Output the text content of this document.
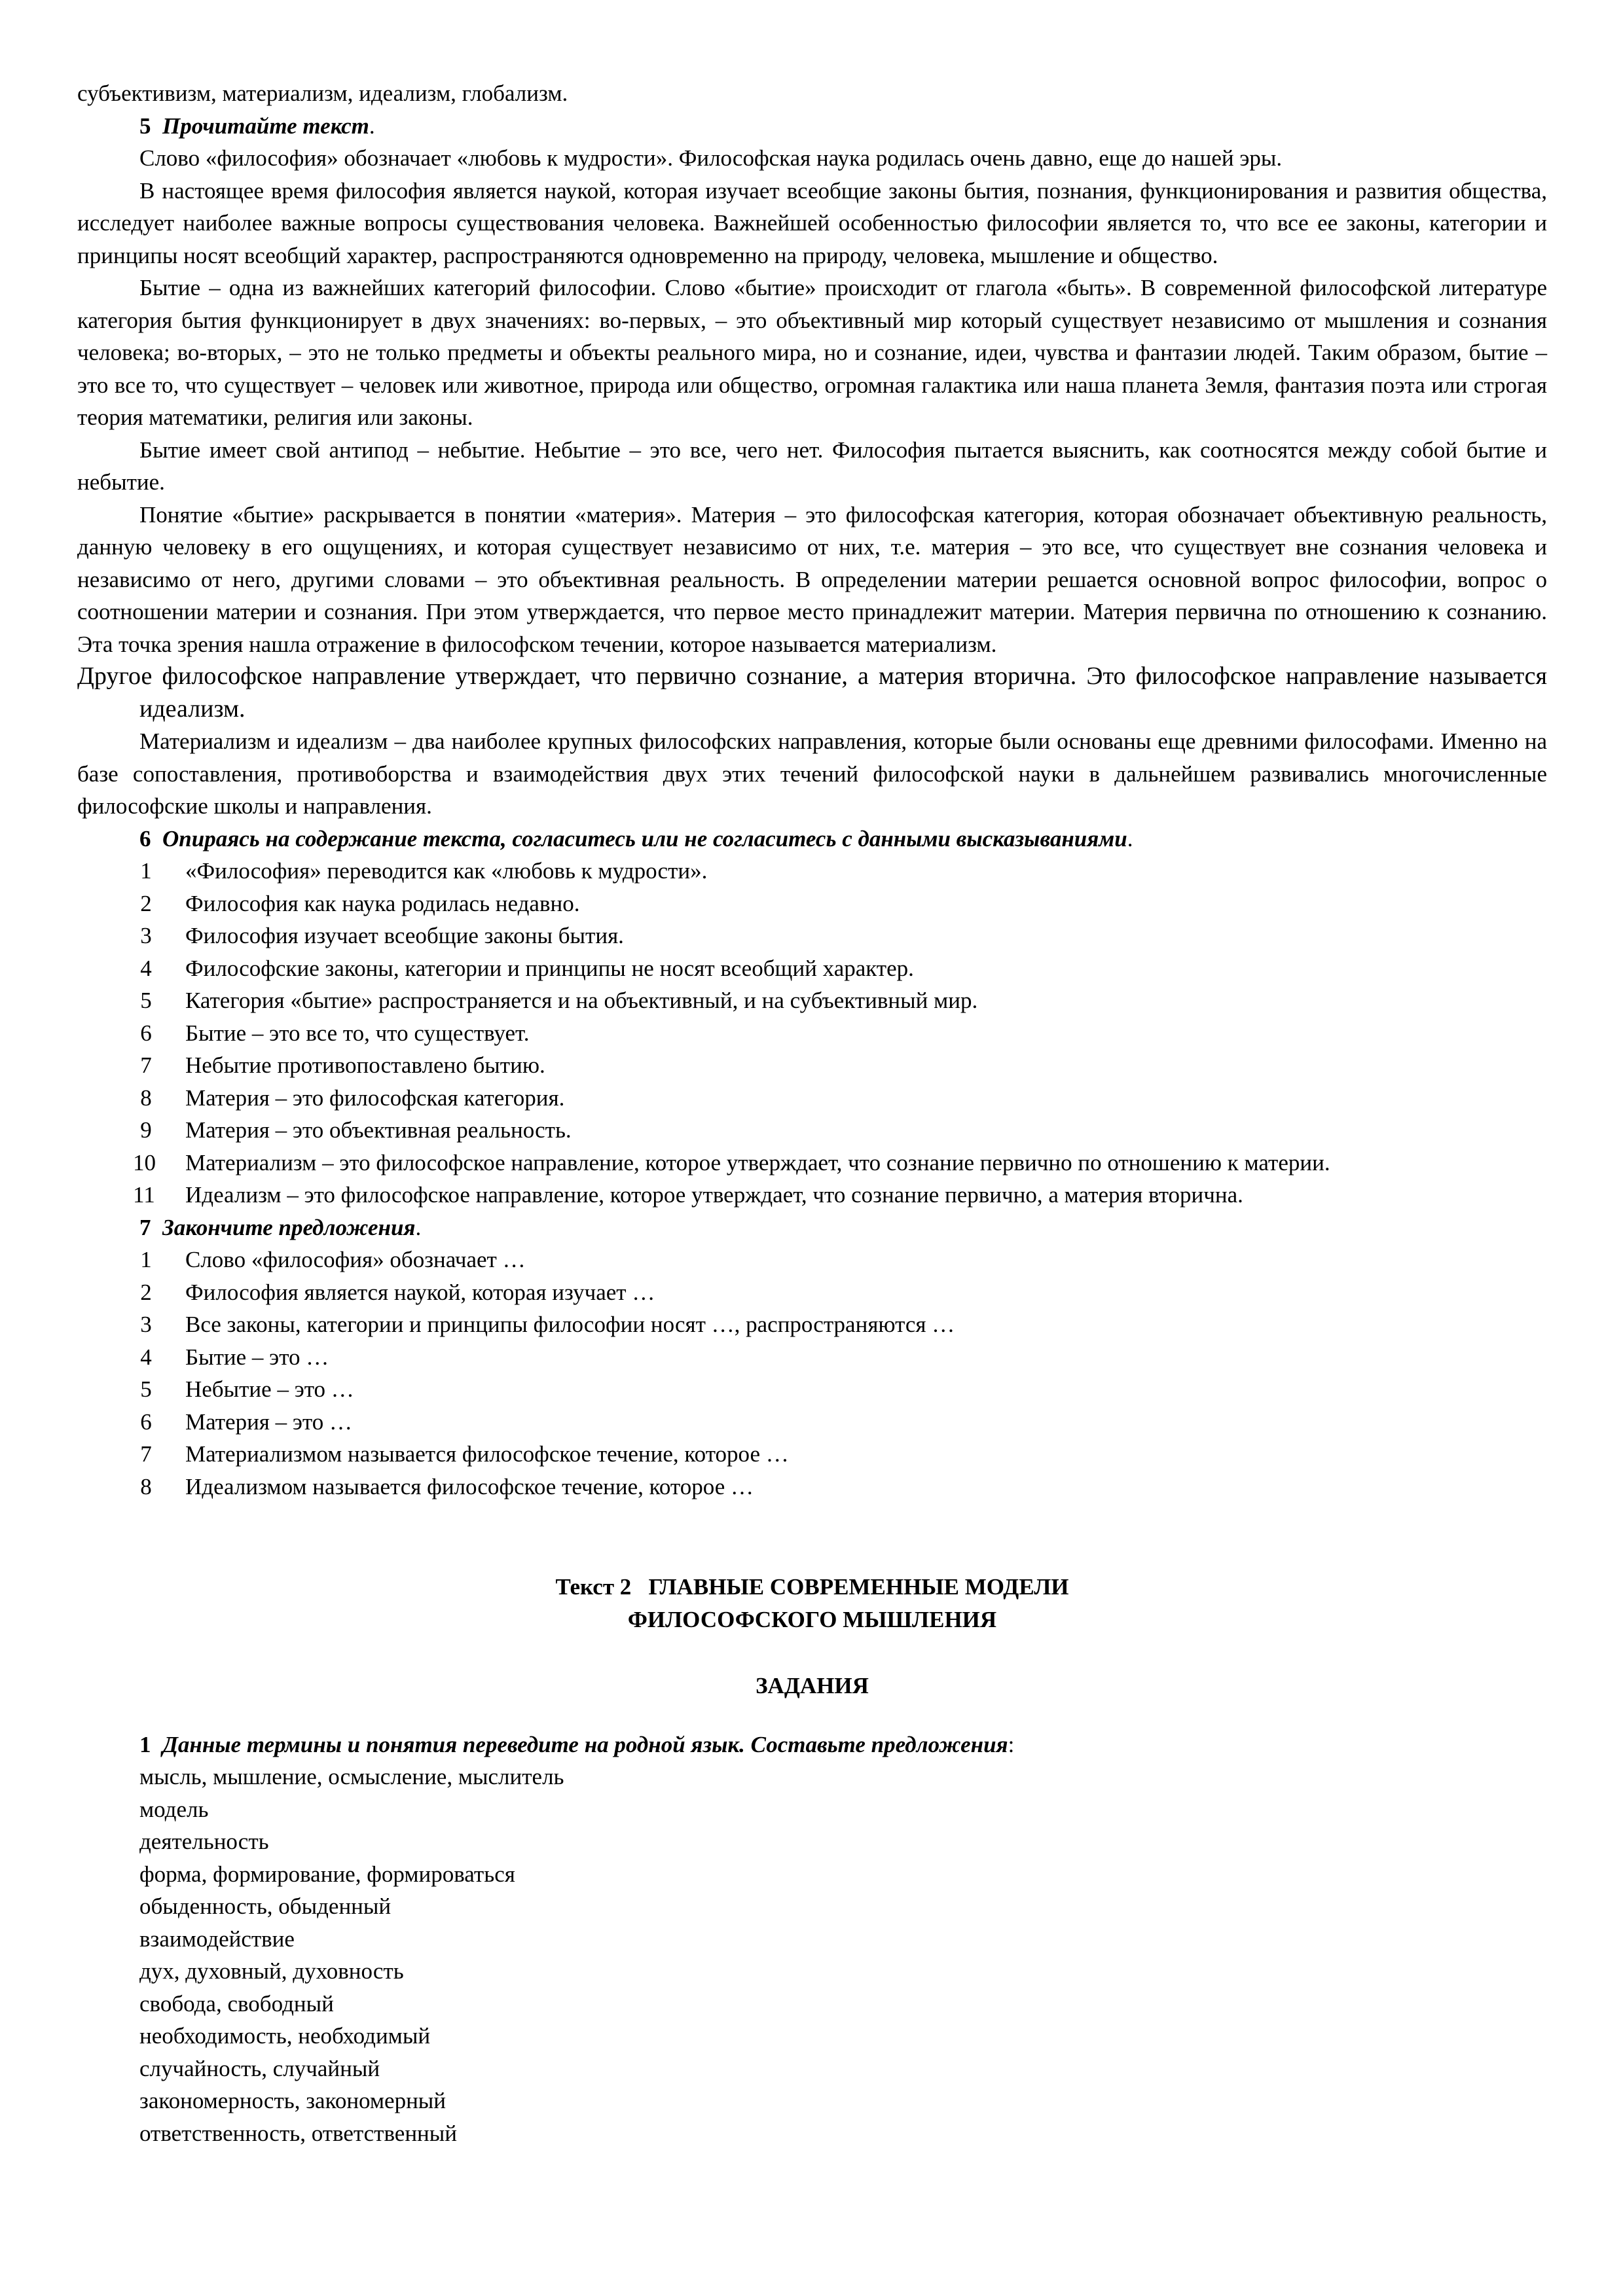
субъективизм, материализм, идеализм, глобализм.

5 Прочитайте текст.

Слово «философия» обозначает «любовь к мудрости». Философская наука родилась очень давно, еще до нашей эры.

В настоящее время философия является наукой, которая изучает всеобщие законы бытия, познания, функционирования и развития общества, исследует наиболее важные вопросы существования человека. Важнейшей особенностью философии является то, что все ее законы, категории и принципы носят всеобщий характер, распространяются одновременно на природу, человека, мышление и общество.

Бытие – одна из важнейших категорий философии. Слово «бытие» происходит от глагола «быть». В современной философской литературе категория бытия функционирует в двух значениях: во-первых, – это объективный мир который существует независимо от мышления и сознания человека; во-вторых, – это не только предметы и объекты реального мира, но и сознание, идеи, чувства и фантазии людей. Таким образом, бытие – это все то, что существует – человек или животное, природа или общество, огромная галактика или наша планета Земля, фантазия поэта или строгая теория математики, религия или законы.

Бытие имеет свой антипод – небытие. Небытие – это все, чего нет. Философия пытается выяснить, как соотносятся между собой бытие и небытие.

Понятие «бытие» раскрывается в понятии «материя». Материя – это философская категория, которая обозначает объективную реальность, данную человеку в его ощущениях, и которая существует независимо от них, т.е. материя – это все, что существует вне сознания человека и независимо от него, другими словами – это объективная реальность. В определении материи решается основной вопрос философии, вопрос о соотношении материи и сознания. При этом утверждается, что первое место принадлежит материи. Материя первична по отношению к сознанию. Эта точка зрения нашла отражение в философском течении, которое называется материализм.

Другое философское направление утверждает, что первично сознание, а материя вторична. Это философское направление называется идеализм.

Материализм и идеализм – два наиболее крупных философских направления, которые были основаны еще древними философами. Именно на базе сопоставления, противоборства и взаимодействия двух этих течений философской науки в дальнейшем развивались многочисленные философские школы и направления.

6 Опираясь на содержание текста, согласитесь или не согласитесь с данными высказываниями.

1	«Философия» переводится как «любовь к мудрости».

2	Философия как наука родилась недавно.

3	Философия изучает всеобщие законы бытия.

4	Философские законы, категории и принципы не носят всеобщий характер.

5	Категория «бытие» распространяется и на объективный, и на субъективный мир.

6	Бытие – это все то, что существует.

7	Небытие противопоставлено бытию.

8	Материя – это философская категория.

9	Материя – это объективная реальность.

10 Материализм – это философское направление, которое утверждает, что сознание первично по отношению к материи.

11 Идеализм – это философское направление, которое утверждает, что сознание первично, а материя вторична.

7 Закончите предложения.

1	Слово «философия» обозначает …

2	Философия является наукой, которая изучает …

3	Все законы, категории и принципы философии носят …, распространяются …

4	Бытие – это …

5	Небытие – это …

6	Материя – это …

7	Материализмом называется философское течение, которое …

8	Идеализмом называется философское течение, которое …

Текст 2   ГЛАВНЫЕ СОВРЕМЕННЫЕ МОДЕЛИ

ФИЛОСОФСКОГО МЫШЛЕНИЯ

ЗАДАНИЯ

1 Данные термины и понятия переведите на родной язык. Составьте предложения:

мысль, мышление, осмысление, мыслитель

модель

деятельность

форма, формирование, формироваться

обыденность, обыденный

взаимодействие

дух, духовный, духовность

свобода, свободный

необходимость, необходимый

случайность, случайный

закономерность, закономерный

ответственность, ответственный
